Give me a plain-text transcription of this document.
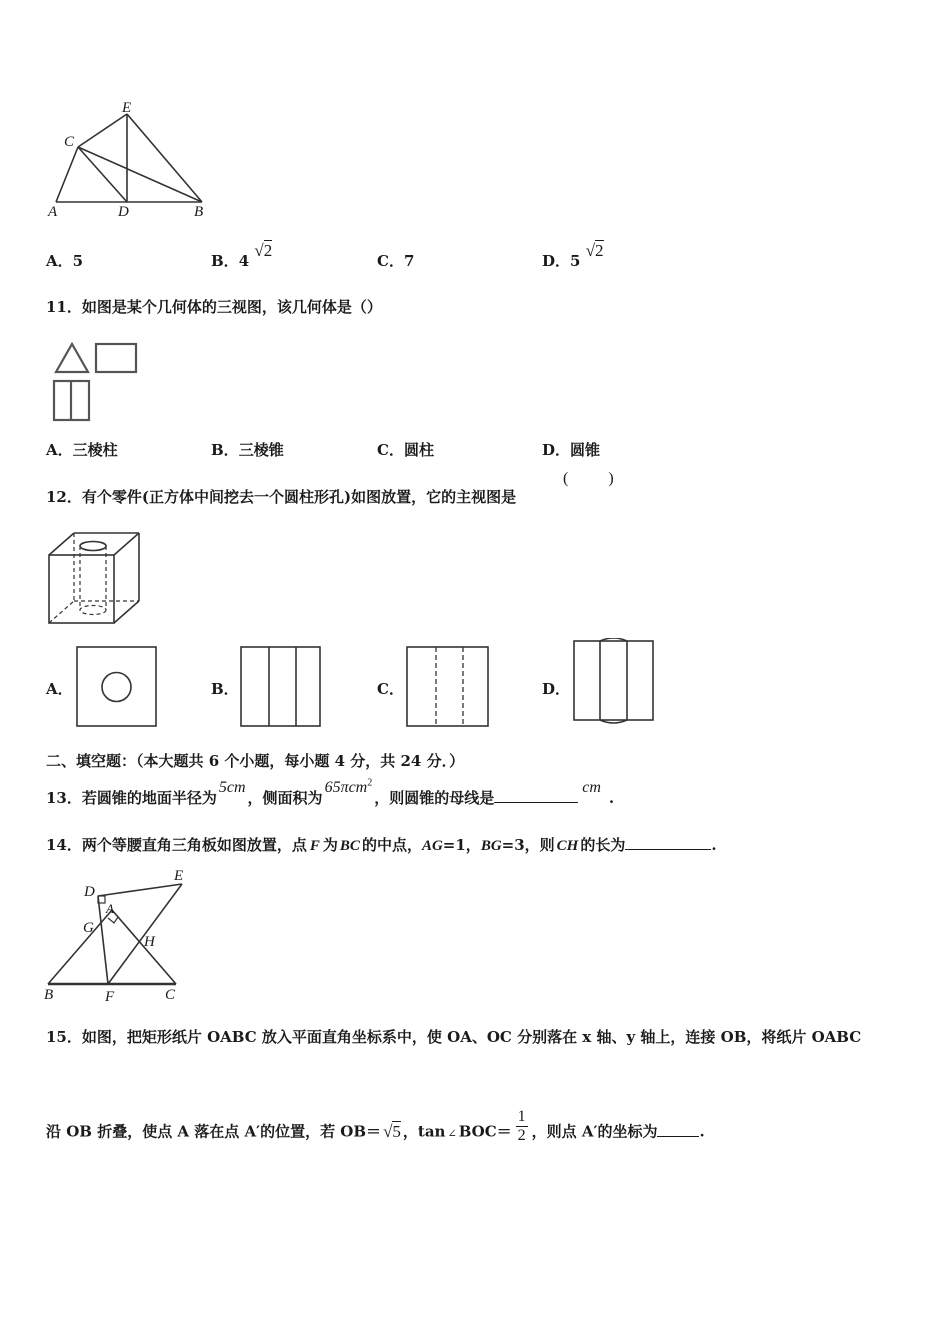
E
C
A	D	B
A．5	B．4 √2
C．7	D．5 √2
11．如图是某个几何体的三视图，该几何体是（）
A．三棱柱	B．三棱锥	C．圆柱	D．圆锥
12．有个零件(正方体中间挖去一个圆柱形孔)如图放置，它的主视图是
(	)
A．	B．	C．	D．
二、填空题：（本大题共 6 个小题，每小题 4 分，共 24 分．）
13．若圆锥的地面半径为5cm，侧面积为65πcm$^2$，则圆锥的母线是cm.
14．两个等腰直角三角板如图放置，点 F 为 BC 的中点，AG=1，BG=3，则 CH 的长为	.
D
E
A
G
H
B	F	C
15．如图，把矩形纸片 OABC 放入平面直角坐标系中，使 OA、OC 分别落在 x 轴、y 轴上，连接 OB，将纸片 OABC
沿 OB 折叠，使点 A 落在点 A′的位置，若 OB＝ √5 ，tan ∠ $BOC= \frac{1}{2}$ ，则点 A′的坐标为	.
